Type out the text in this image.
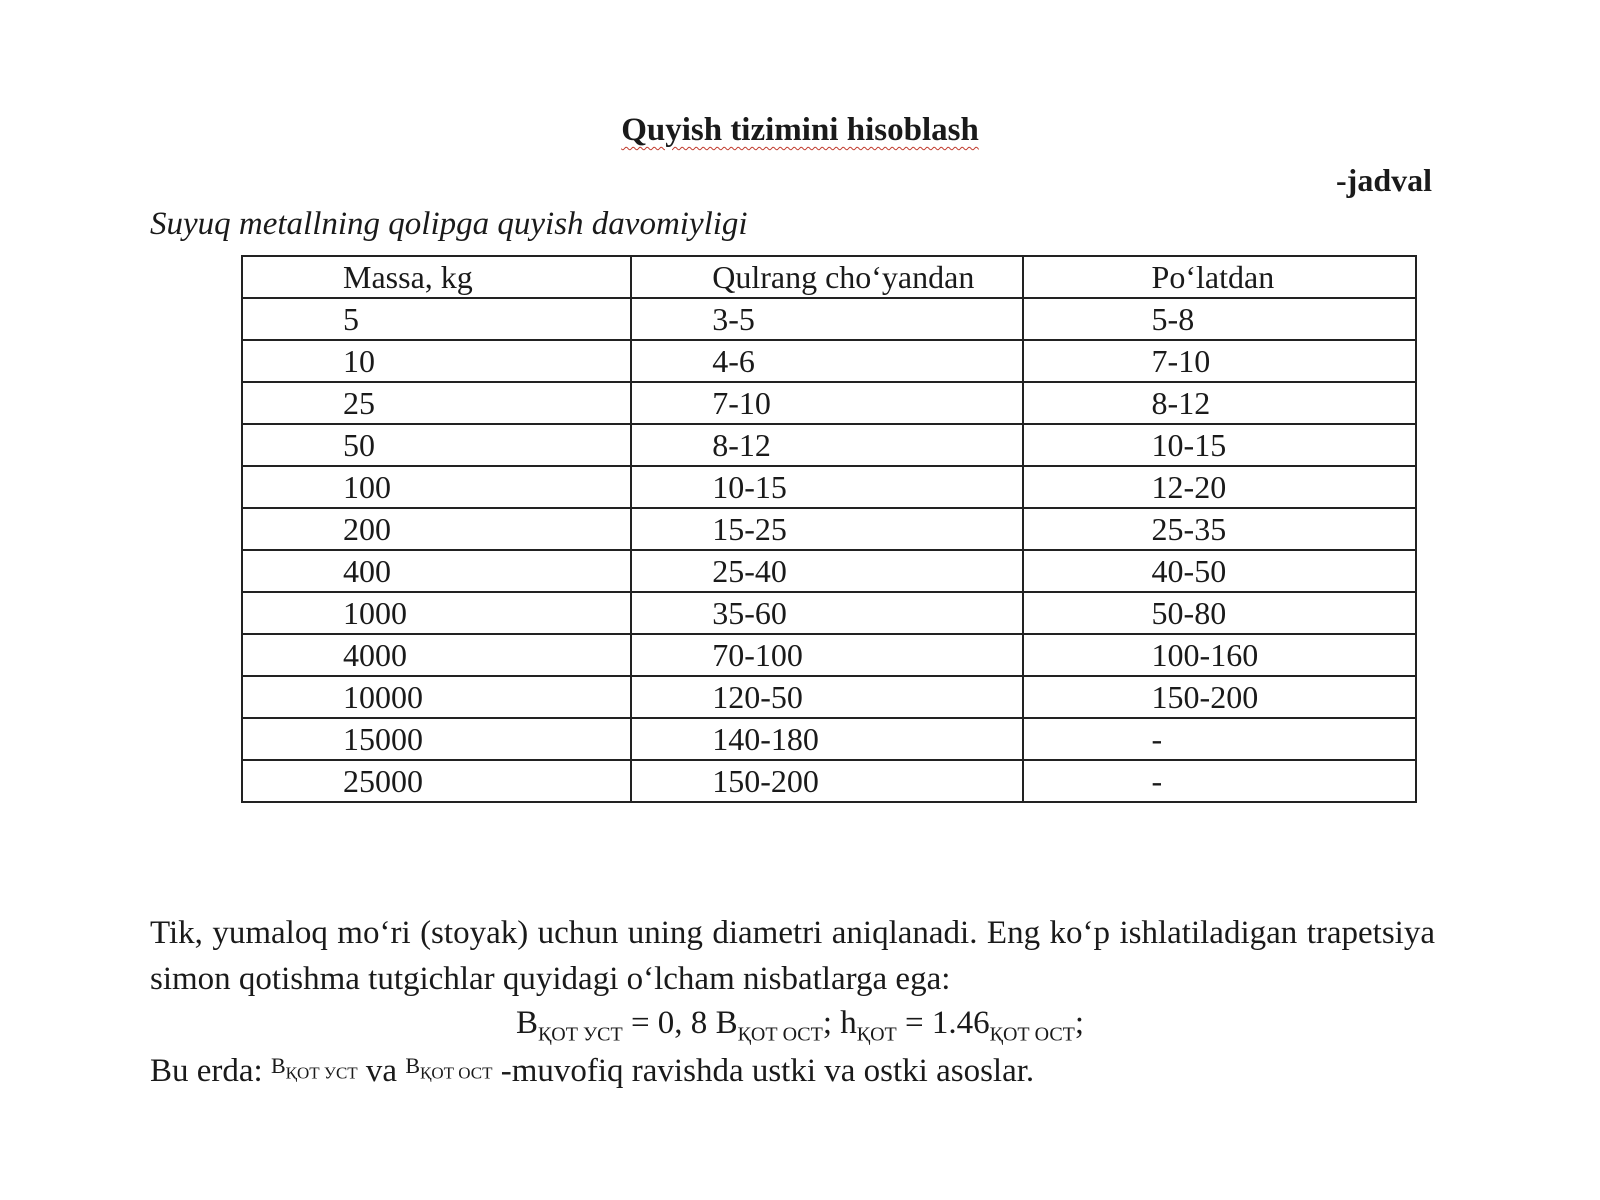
Quyish tizimini hisoblash
-jadval
Suyuq metallning qolipga quyish davomiyligi
Massa, kg	Qulrang cho‘yandan	Po‘latdan
5	3-5	5-8
10	4-6	7-10
25	7-10	8-12
50	8-12	10-15
100	10-15	12-20
200	15-25	25-35
400	25-40	40-50
1000	35-60	50-80
4000	70-100	100-160
10000	120-50	150-200
15000	140-180	-
25000	150-200	-
Tik, yumaloq mo‘ri (stoyak) uchun uning diametri aniqlanadi. Eng ko‘p ishlatiladigan trapetsiya simon qotishma tutgichlar quyidagi o‘lcham nisbatlarga ega:
$B_{ҚОТ УСТ} = 0$, 8 $B_{ҚОТ ОСТ}$; $h_{ҚОТ} = 1.46_{ҚОТ ОСТ}$;
Bu erda: $^{B_{ҚОТ УСТ}}$ va $^{B_{ҚОТ ОСТ}}$ -muvofiq ravishda ustki va ostki asoslar.
